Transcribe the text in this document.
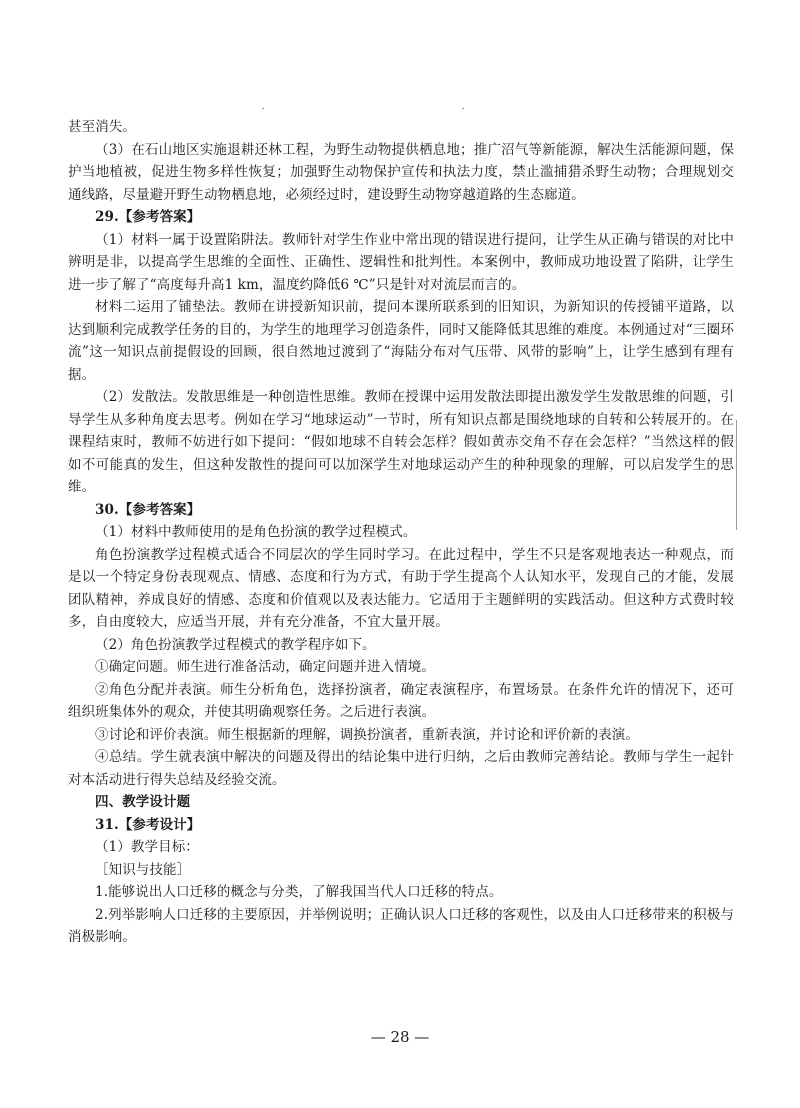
甚至消失。

（3）在石山地区实施退耕还林工程，为野生动物提供栖息地；推广沼气等新能源，解决生活能源问题，保护当地植被，促进生物多样性恢复；加强野生动物保护宣传和执法力度，禁止滥捕猎杀野生动物；合理规划交通线路，尽量避开野生动物栖息地，必须经过时，建设野生动物穿越道路的生态廊道。

29.【参考答案】

（1）材料一属于设置陷阱法。教师针对学生作业中常出现的错误进行提问，让学生从正确与错误的对比中辨明是非，以提高学生思维的全面性、正确性、逻辑性和批判性。本案例中，教师成功地设置了陷阱，让学生进一步了解了“高度每升高1 km，温度约降低6 ℃”只是针对对流层而言的。

材料二运用了铺垫法。教师在讲授新知识前，提问本课所联系到的旧知识，为新知识的传授铺平道路，以达到顺利完成教学任务的目的，为学生的地理学习创造条件，同时又能降低其思维的难度。本例通过对“三圈环流”这一知识点前提假设的回顾，很自然地过渡到了“海陆分布对气压带、风带的影响”上，让学生感到有理有据。

（2）发散法。发散思维是一种创造性思维。教师在授课中运用发散法即提出激发学生发散思维的问题，引导学生从多种角度去思考。例如在学习“地球运动”一节时，所有知识点都是围绕地球的自转和公转展开的。在课程结束时，教师不妨进行如下提问：“假如地球不自转会怎样？假如黄赤交角不存在会怎样？”当然这样的假如不可能真的发生，但这种发散性的提问可以加深学生对地球运动产生的种种现象的理解，可以启发学生的思维。

30.【参考答案】

（1）材料中教师使用的是角色扮演的教学过程模式。

角色扮演教学过程模式适合不同层次的学生同时学习。在此过程中，学生不只是客观地表达一种观点，而是以一个特定身份表现观点、情感、态度和行为方式，有助于学生提高个人认知水平，发现自己的才能，发展团队精神，养成良好的情感、态度和价值观以及表达能力。它适用于主题鲜明的实践活动。但这种方式费时较多，自由度较大，应适当开展，并有充分准备，不宜大量开展。

（2）角色扮演教学过程模式的教学程序如下。

①确定问题。师生进行准备活动，确定问题并进入情境。

②角色分配并表演。师生分析角色，选择扮演者，确定表演程序，布置场景。在条件允许的情况下，还可组织班集体外的观众，并使其明确观察任务。之后进行表演。

③讨论和评价表演。师生根据新的理解，调换扮演者，重新表演，并讨论和评价新的表演。

④总结。学生就表演中解决的问题及得出的结论集中进行归纳，之后由教师完善结论。教师与学生一起针对本活动进行得失总结及经验交流。

四、教学设计题

31.【参考设计】

（1）教学目标：

［知识与技能］

1.能够说出人口迁移的概念与分类，了解我国当代人口迁移的特点。

2.列举影响人口迁移的主要原因，并举例说明；正确认识人口迁移的客观性，以及由人口迁移带来的积极与消极影响。

— 28 —
